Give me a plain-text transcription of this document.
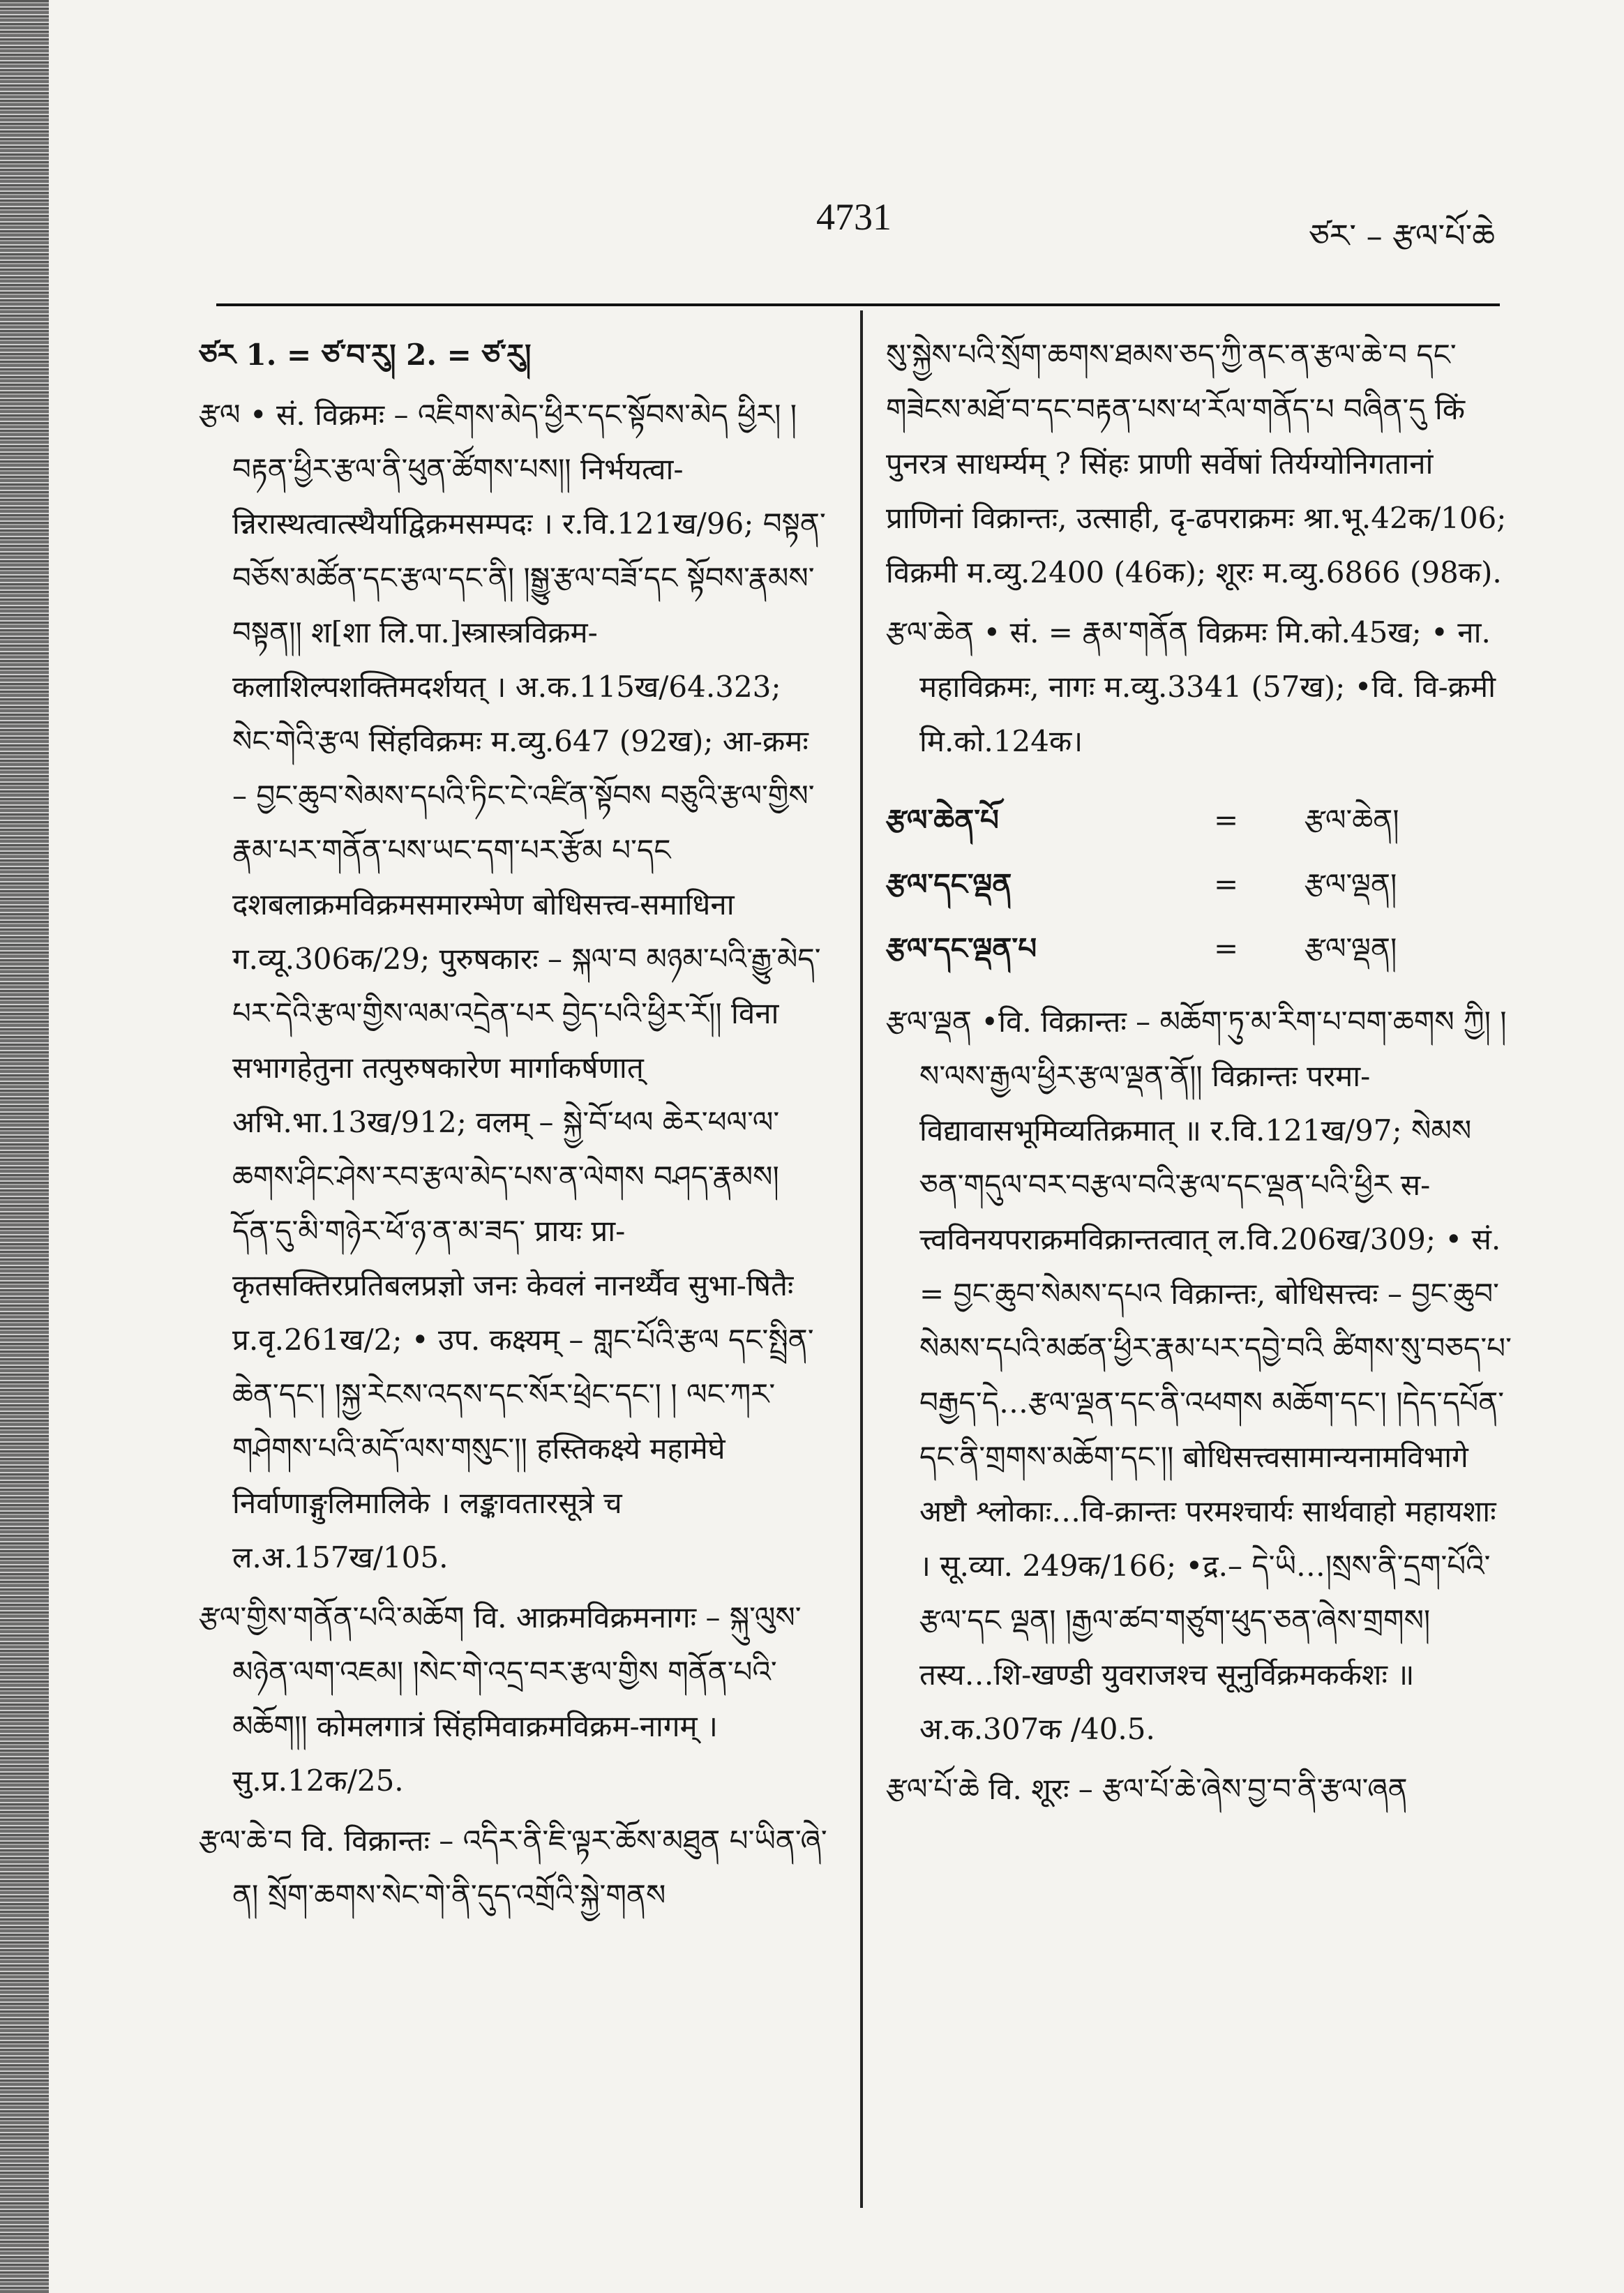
4731	ཙར་ – རྩལ་པོ་ཆེ

ཙར 1. = ཙ་བ་རུ། 2. = ཙ་རུ།

རྩལ • सं. विक्रमः – འཇིགས་མེད་ཕྱིར་དང་སྟོབས་མེད ཕྱིར། །བརྟན་ཕྱིར་རྩལ་ནི་ཕུན་ཚོགས་པས།། निर्भयत्वा-न्निरास्थत्वात्स्थैर्याद्विक्रमसम्पदः । र.वि.121ख/96; བསྟན་བཅོས་མཚོན་དང་རྩལ་དང་ནི། །སྒྱུ་རྩལ་བཟོ་དང སྟོབས་རྣམས་བསྟན།། श[शा लि.पा.]स्त्रास्त्रविक्रम-कलाशिल्पशक्तिमदर्शयत् । अ.क.115ख/64.323; སེང་གེའི་རྩལ सिंहविक्रमः म.व्यु.647 (92ख); आ-क्रमः – བྱང་ཆུབ་སེམས་དཔའི་ཏིང་ངེ་འཛིན་སྟོབས བཅུའི་རྩལ་གྱིས་རྣམ་པར་གནོན་པས་ཡང་དག་པར་རྩོམ པ་དང दशबलाक्रमविक्रमसमारम्भेण बोधिसत्त्व-समाधिना ग.व्यू.306क/29; पुरुषकारः – སྐལ་བ མཉམ་པའི་རྒྱུ་མེད་པར་དེའི་རྩལ་གྱིས་ལམ་འདྲེན་པར བྱེད་པའི་ཕྱིར་རོ།། विना सभागहेतुना तत्पुरुषकारेण मार्गाकर्षणात् अभि.भा.13ख/912; वलम् – སྐྱེ་བོ་ཕལ ཆེར་ཕལ་ལ་ཆགས་ཤིང་ཤེས་རབ་རྩལ་མེད་པས་ན་ལེགས བཤད་རྣམས། དོན་དུ་མི་གཉེར་ཕོ་ཉ་ན་མ་ཟད་ प्रायः प्रा-कृतसक्तिरप्रतिबलप्रज्ञो जनः केवलं नानर्थ्यैव सुभा-षितैः प्र.वृ.261ख/2; • उप. कक्ष्यम् – གླང་པོའི་རྩལ དང་སྤྲིན་ཆེན་དང་། །སྐྱ་རེངས་འདས་དང་སོར་ཕྲེང་དང་། ། ལང་ཀར་གཤེགས་པའི་མདོ་ལས་གསུང་།། हस्तिकक्ष्ये महामेघे निर्वाणाङ्गुलिमालिके । लङ्कावतारसूत्रे च ल.अ.157ख/105.

རྩལ་གྱིས་གནོན་པའི་མཆོག वि. आक्रमविक्रमनागः – སྐུ་ལུས་མཉེན་ལག་འཇམ། །སེང་གེ་འདྲ་བར་རྩལ་གྱིས གནོན་པའི་མཆོག།། कोमलगात्रं सिंहमिवाक्रमविक्रम-नागम् । सु.प्र.12क/25.

རྩལ་ཆེ་བ वि. विक्रान्तः – འདིར་ནི་ཇི་ལྟར་ཆོས་མཐུན པ་ཡིན་ཞེ་ན། སྲོག་ཆགས་སེང་གེ་ནི་དུད་འགྲོའི་སྐྱེ་གནས

སུ་སྐྱེས་པའི་སྲོག་ཆགས་ཐམས་ཅད་ཀྱི་ནང་ན་རྩལ་ཆེ་བ དང་གཟེངས་མཐོ་བ་དང་བརྟན་པས་ཕ་རོལ་གནོད་པ བཞིན་དུ किं पुनरत्र साधर्म्यम् ? सिंहः प्राणी सर्वेषां तिर्यग्योनिगतानां प्राणिनां विक्रान्तः, उत्साही, दृ-ढपराक्रमः श्रा.भू.42क/106; विक्रमी म.व्यु.2400 (46क); शूरः म.व्यु.6866 (98क).

རྩལ་ཆེན • सं. = རྣམ་གནོན विक्रमः मि.को.45ख; • ना. महाविक्रमः, नागः म.व्यु.3341 (57ख); •वि. वि-क्रमी मि.को.124क।

རྩལ་ཆེན་པོ	=	རྩལ་ཆེན།
རྩལ་དང་ལྡན	=	རྩལ་ལྡན།
རྩལ་དང་ལྡན་པ	=	རྩལ་ལྡན།

རྩལ་ལྡན •वि. विक्रान्तः – མཆོག་ཏུ་མ་རིག་པ་བག་ཆགས ཀྱི། །ས་ལས་རྒྱལ་ཕྱིར་རྩལ་ལྡན་ནོ།། विक्रान्तः परमा-विद्यावासभूमिव्यतिक्रमात् ॥ र.वि.121ख/97; སེམས ཅན་གདུལ་བར་བརྩལ་བའི་རྩལ་དང་ལྡན་པའི་ཕྱིར स-त्त्वविनयपराक्रमविक्रान्तत्वात् ल.वि.206ख/309; • सं. = བྱང་ཆུབ་སེམས་དཔའ विक्रान्तः, बोधिसत्त्वः – བྱང་ཆུབ་སེམས་དཔའི་མཚན་ཕྱིར་རྣམ་པར་དབྱེ་བའི ཚིགས་སུ་བཅད་པ་བརྒྱད་དེ…རྩལ་ལྡན་དང་ནི་འཕགས མཆོག་དང་། །དེད་དཔོན་དང་ནི་གྲགས་མཆོག་དང་།། बोधिसत्त्वसामान्यनामविभागे अष्टौ श्लोकाः…वि-क्रान्तः परमश्चार्यः सार्थवाहो महायशाः । सू.व्या. 249क/166; •द्र.– དེ་ཡི…།སྲས་ནི་དྲག་པོའི་རྩལ་དང ལྡན། །རྒྱལ་ཚབ་གཙུག་ཕུད་ཅན་ཞེས་གྲགས། तस्य…शि-खण्डी युवराजश्च सूनुर्विक्रमकर्कशः ॥ अ.क.307क /40.5.

རྩལ་པོ་ཆེ वि. शूरः – རྩལ་པོ་ཆེ་ཞེས་བྱ་བ་ནི་རྩལ་ཞན
